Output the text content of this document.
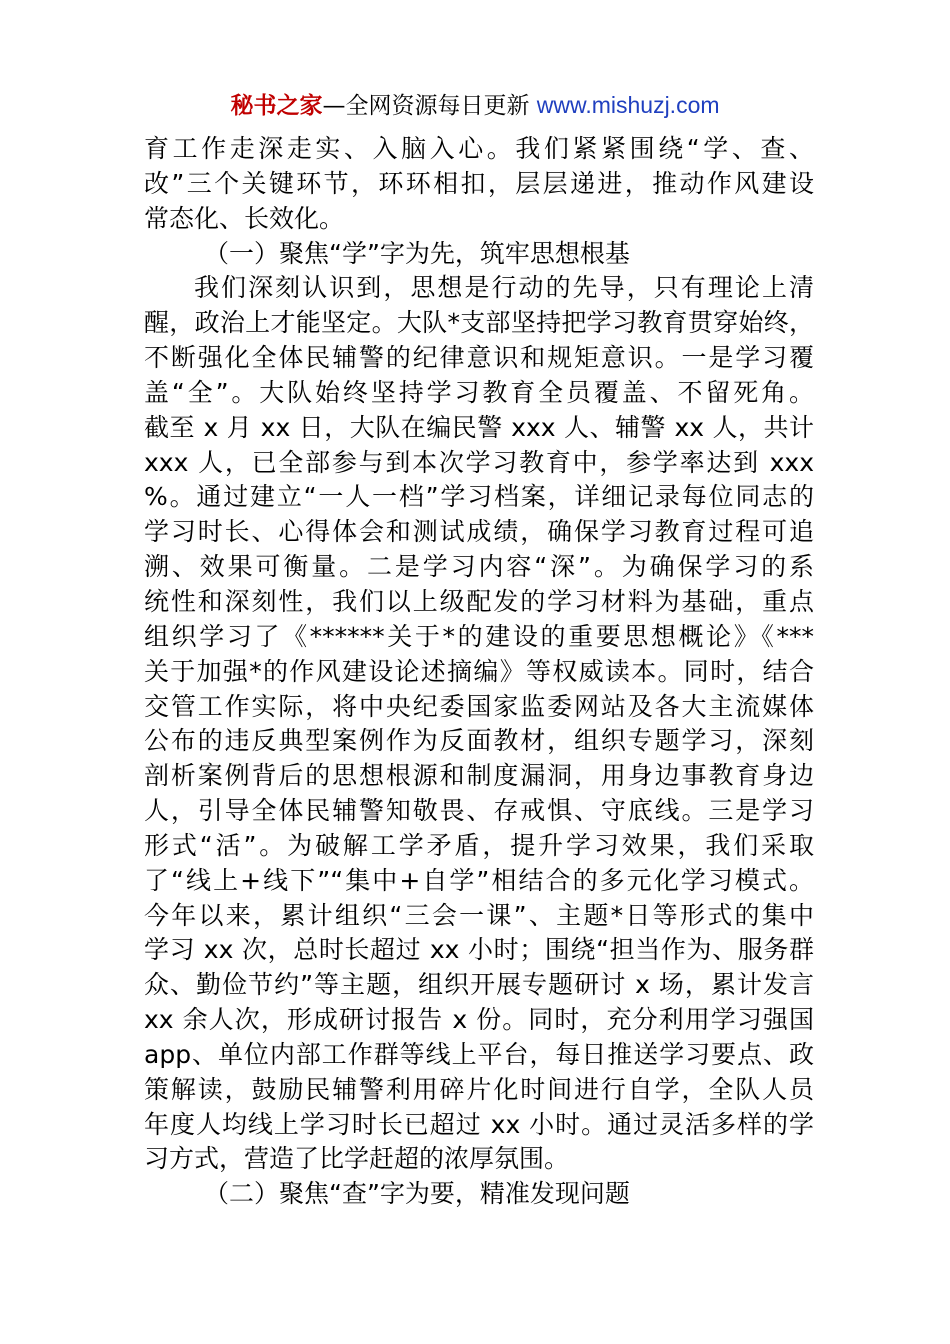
秘书之家—全网资源每日更新 www.mishuzj.com
育工作走深走实、入脑入心。我们紧紧围绕“学、查、
改”三个关键环节，环环相扣，层层递进，推动作风建设
常态化、长效化。
（一）聚焦“学”字为先，筑牢思想根基
我们深刻认识到，思想是行动的先导，只有理论上清
醒，政治上才能坚定。大队*支部坚持把学习教育贯穿始终，
不断强化全体民辅警的纪律意识和规矩意识。一是学习覆
盖“全”。大队始终坚持学习教育全员覆盖、不留死角。
截至 x 月 xx 日，大队在编民警 xxx 人、辅警 xx 人，共计
xxx 人，已全部参与到本次学习教育中，参学率达到 xxx
%。通过建立“一人一档”学习档案，详细记录每位同志的
学习时长、心得体会和测试成绩，确保学习教育过程可追
溯、效果可衡量。二是学习内容“深”。为确保学习的系
统性和深刻性，我们以上级配发的学习材料为基础，重点
组织学习了《******关于*的建设的重要思想概论》《***
关于加强*的作风建设论述摘编》等权威读本。同时，结合
交管工作实际，将中央纪委国家监委网站及各大主流媒体
公布的违反典型案例作为反面教材，组织专题学习，深刻
剖析案例背后的思想根源和制度漏洞，用身边事教育身边
人，引导全体民辅警知敬畏、存戒惧、守底线。三是学习
形式“活”。为破解工学矛盾，提升学习效果，我们采取
了“线上+线下”“集中+自学”相结合的多元化学习模式。
今年以来，累计组织“三会一课”、主题*日等形式的集中
学习 xx 次，总时长超过 xx 小时；围绕“担当作为、服务群
众、勤俭节约”等主题，组织开展专题研讨 x 场，累计发言
xx 余人次，形成研讨报告 x 份。同时，充分利用学习强国
app、单位内部工作群等线上平台，每日推送学习要点、政
策解读，鼓励民辅警利用碎片化时间进行自学，全队人员
年度人均线上学习时长已超过 xx 小时。通过灵活多样的学
习方式，营造了比学赶超的浓厚氛围。
（二）聚焦“查”字为要，精准发现问题
